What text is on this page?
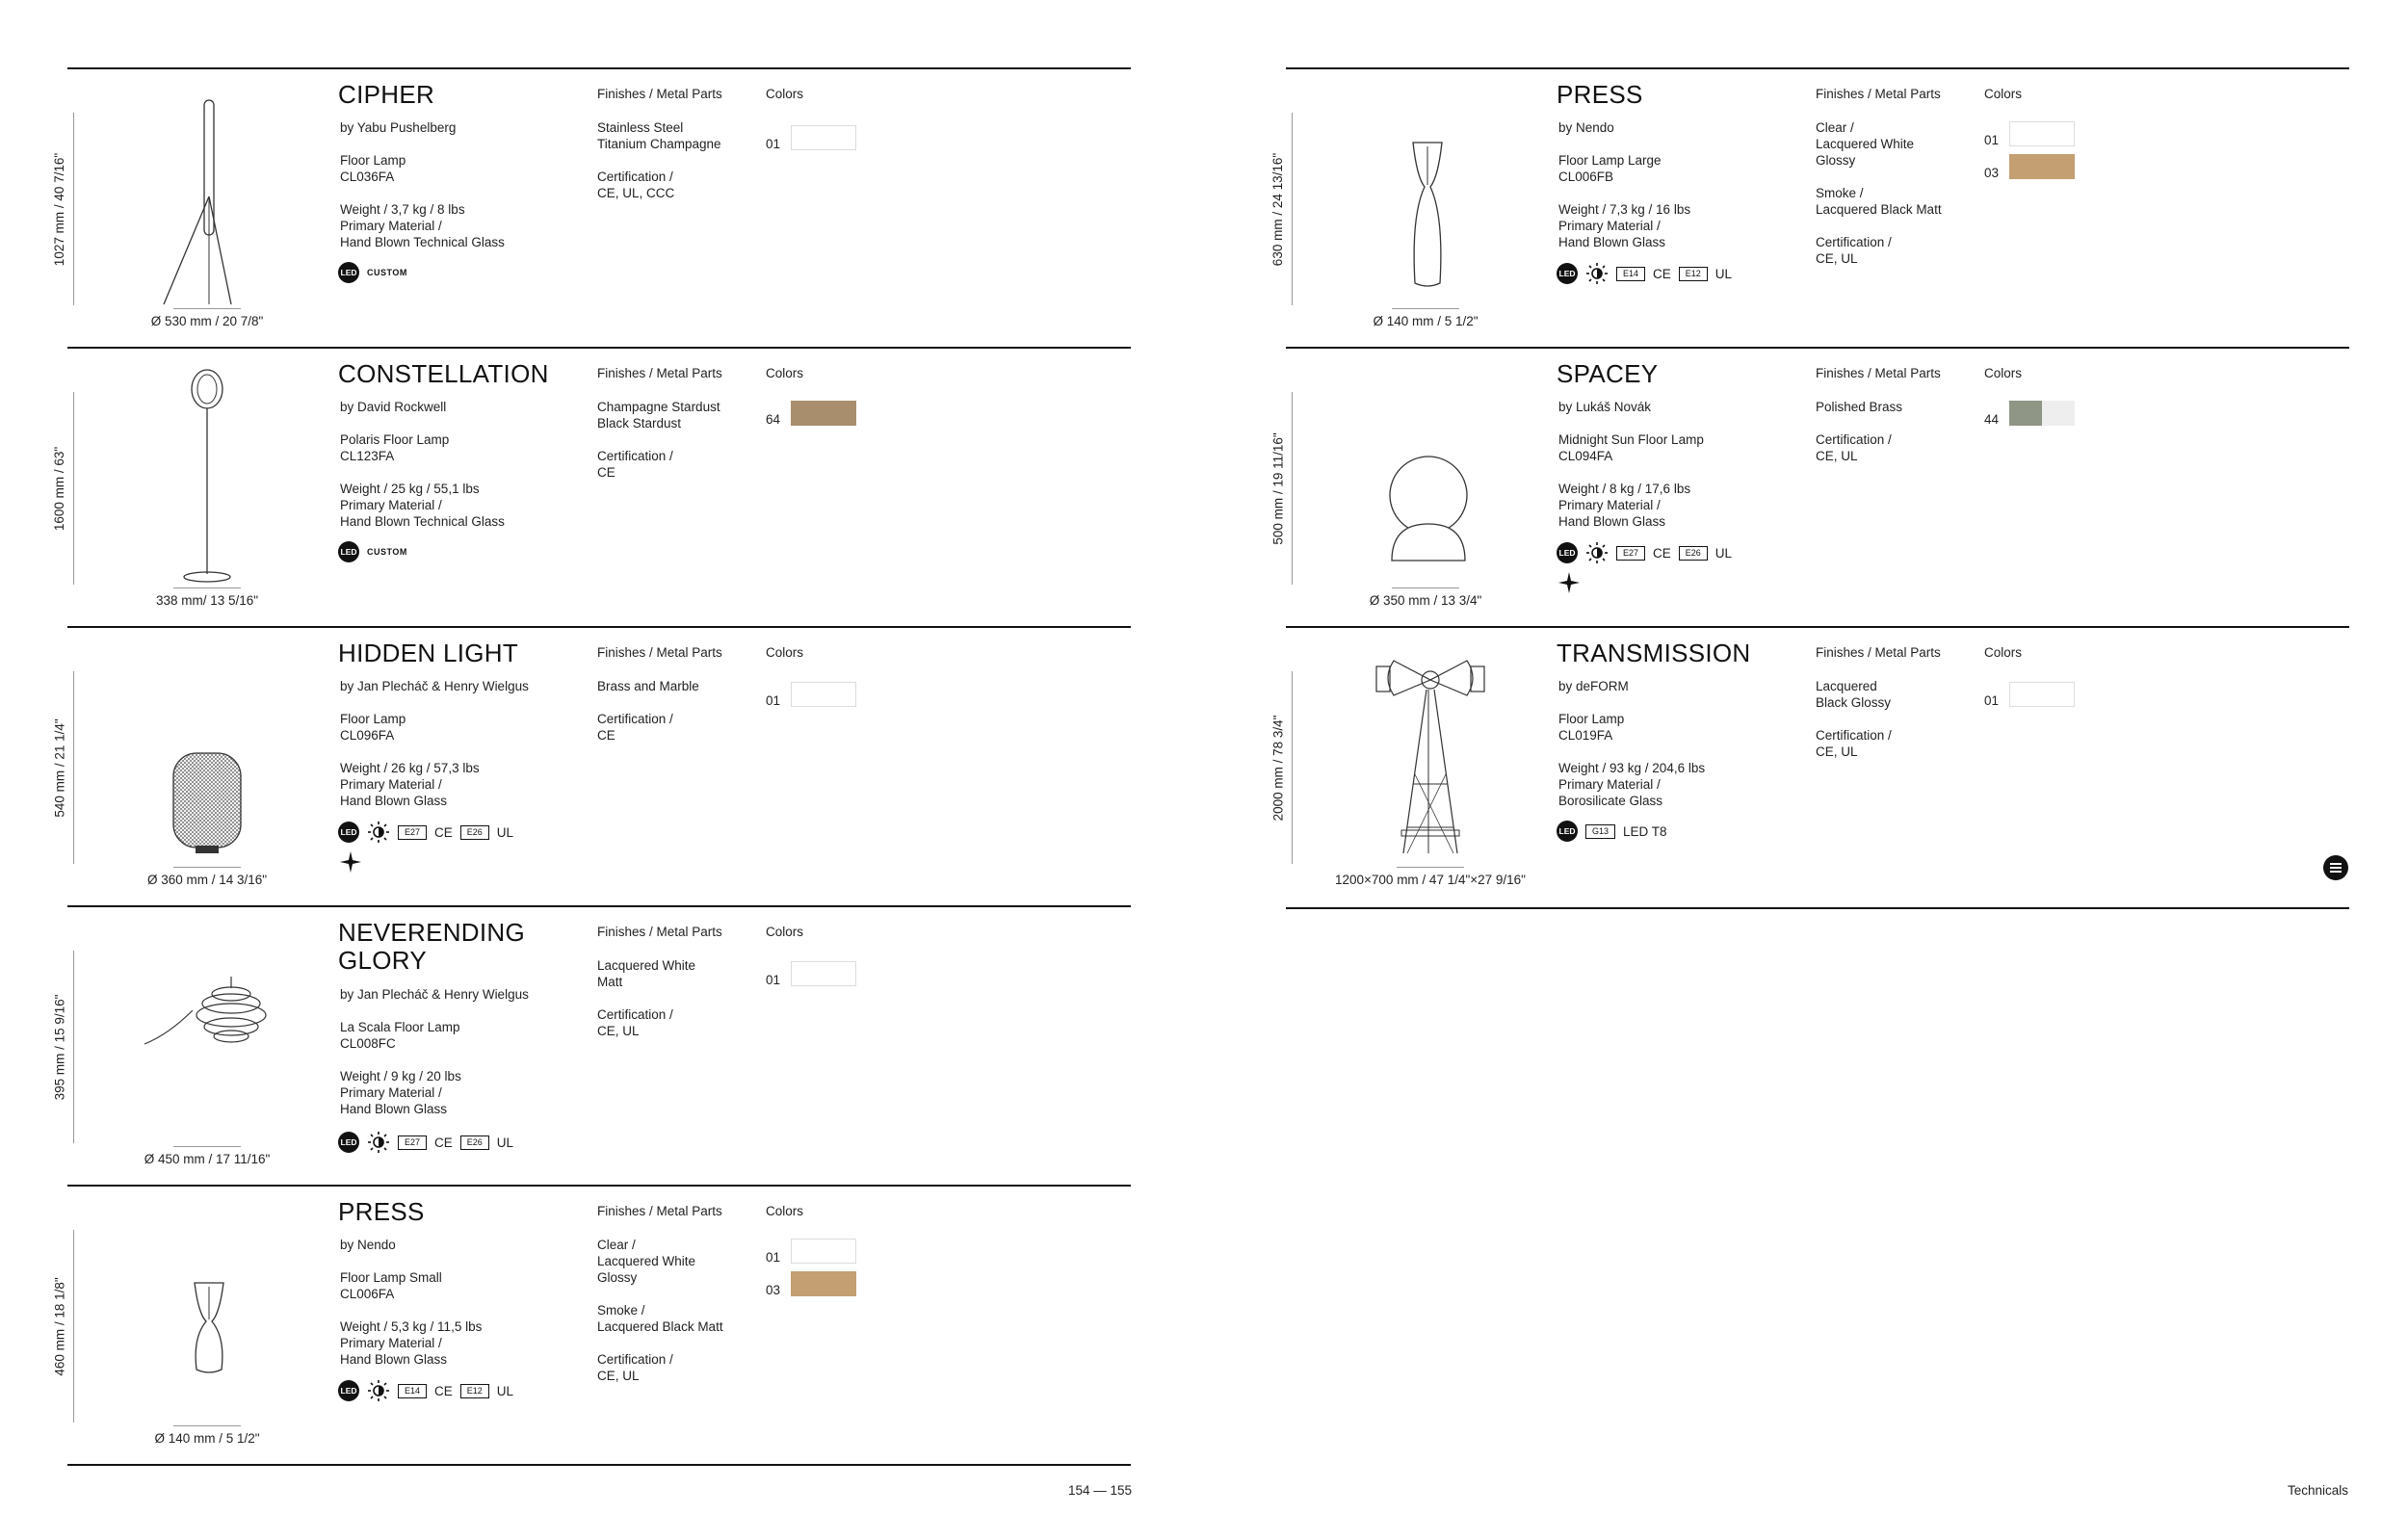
1027 mm / 40 7/16"
Ø 530 mm / 20 7/8"
CIPHER
by Yabu Pushelberg
Floor Lamp
CL036FA
Weight / 3,7 kg / 8 lbs
Primary Material /
Hand Blown Technical Glass
LED CUSTOM
Finishes / Metal Parts
Stainless Steel
Titanium Champagne
Certification /
CE, UL, CCC
Colors
01
1600 mm / 63"
338 mm/ 13 5/16"
CONSTELLATION
by David Rockwell
Polaris Floor Lamp
CL123FA
Weight / 25 kg / 55,1 lbs
Primary Material /
Hand Blown Technical Glass
LED CUSTOM
Finishes / Metal Parts
Champagne Stardust
Black Stardust
Certification /
CE
Colors
64
540 mm / 21 1/4"
Ø 360 mm / 14 3/16"
HIDDEN LIGHT
by Jan Plecháč & Henry Wielgus
Floor Lamp
CL096FA
Weight / 26 kg / 57,3 lbs
Primary Material /
Hand Blown Glass
LED	E27	CE	E26	UL
Finishes / Metal Parts
Brass and Marble
Certification /
CE
Colors
01
395 mm / 15 9/16"
Ø 450 mm / 17 11/16"
NEVERENDING GLORY
by Jan Plecháč & Henry Wielgus
La Scala Floor Lamp
CL008FC
Weight / 9 kg / 20 lbs
Primary Material /
Hand Blown Glass
LED	E27	CE	E26	UL
Finishes / Metal Parts
Lacquered White
Matt
Certification /
CE, UL
Colors
01
460 mm / 18 1/8"
Ø 140 mm / 5 1/2"
PRESS
by Nendo
Floor Lamp Small
CL006FA
Weight / 5,3 kg / 11,5 lbs
Primary Material /
Hand Blown Glass
LED	E14	CE	E12	UL
Finishes / Metal Parts
Clear /
Lacquered White
Glossy
Smoke /
Lacquered Black Matt
Certification /
CE, UL
Colors
01
03
154 — 155
630 mm / 24 13/16"
Ø 140 mm / 5 1/2"
PRESS
by Nendo
Floor Lamp Large
CL006FB
Weight / 7,3 kg / 16 lbs
Primary Material /
Hand Blown Glass
LED	E14	CE	E12	UL
Finishes / Metal Parts
Clear /
Lacquered White
Glossy
Smoke /
Lacquered Black Matt
Certification /
CE, UL
Colors
01
03
500 mm / 19 11/16"
Ø 350 mm / 13 3/4"
SPACEY
by Lukáš Novák
Midnight Sun Floor Lamp
CL094FA
Weight / 8 kg / 17,6 lbs
Primary Material /
Hand Blown Glass
LED	E27	CE	E26	UL
Finishes / Metal Parts
Polished Brass
Certification /
CE, UL
Colors
44
2000 mm / 78 3/4"
1200×700 mm / 47 1/4"×27 9/16"
TRANSMISSION
by deFORM
Floor Lamp
CL019FA
Weight / 93 kg / 204,6 lbs
Primary Material /
Borosilicate Glass
LED	G13	LED T8
Finishes / Metal Parts
Lacquered
Black Glossy
Certification /
CE, UL
Colors
01
Technicals
